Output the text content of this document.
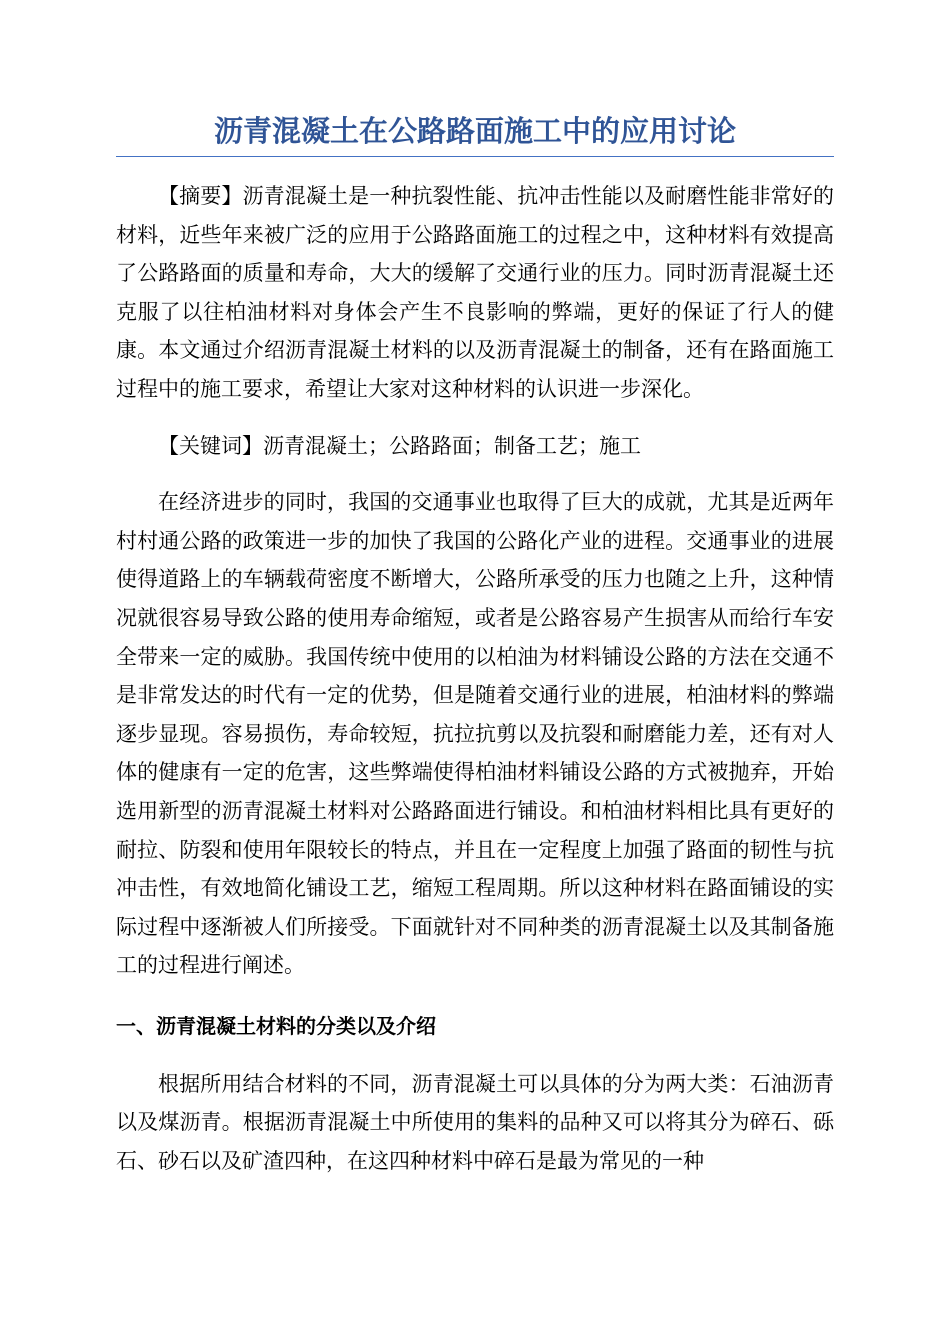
沥青混凝土在公路路面施工中的应用讨论

【摘要】沥青混凝土是一种抗裂性能、抗冲击性能以及耐磨性能非常好的材料，近些年来被广泛的应用于公路路面施工的过程之中，这种材料有效提高了公路路面的质量和寿命，大大的缓解了交通行业的压力。同时沥青混凝土还克服了以往柏油材料对身体会产生不良影响的弊端，更好的保证了行人的健康。本文通过介绍沥青混凝土材料的以及沥青混凝土的制备，还有在路面施工过程中的施工要求，希望让大家对这种材料的认识进一步深化。

【关键词】沥青混凝土；公路路面；制备工艺；施工

在经济进步的同时，我国的交通事业也取得了巨大的成就，尤其是近两年村村通公路的政策进一步的加快了我国的公路化产业的进程。交通事业的进展使得道路上的车辆载荷密度不断增大，公路所承受的压力也随之上升，这种情况就很容易导致公路的使用寿命缩短，或者是公路容易产生损害从而给行车安全带来一定的威胁。我国传统中使用的以柏油为材料铺设公路的方法在交通不是非常发达的时代有一定的优势，但是随着交通行业的进展，柏油材料的弊端逐步显现。容易损伤，寿命较短，抗拉抗剪以及抗裂和耐磨能力差，还有对人体的健康有一定的危害，这些弊端使得柏油材料铺设公路的方式被抛弃，开始选用新型的沥青混凝土材料对公路路面进行铺设。和柏油材料相比具有更好的耐拉、防裂和使用年限较长的特点，并且在一定程度上加强了路面的韧性与抗冲击性，有效地简化铺设工艺，缩短工程周期。所以这种材料在路面铺设的实际过程中逐渐被人们所接受。下面就针对不同种类的沥青混凝土以及其制备施工的过程进行阐述。

一、沥青混凝土材料的分类以及介绍

根据所用结合材料的不同，沥青混凝土可以具体的分为两大类：石油沥青以及煤沥青。根据沥青混凝土中所使用的集料的品种又可以将其分为碎石、砾石、砂石以及矿渣四种，在这四种材料中碎石是最为常见的一种
